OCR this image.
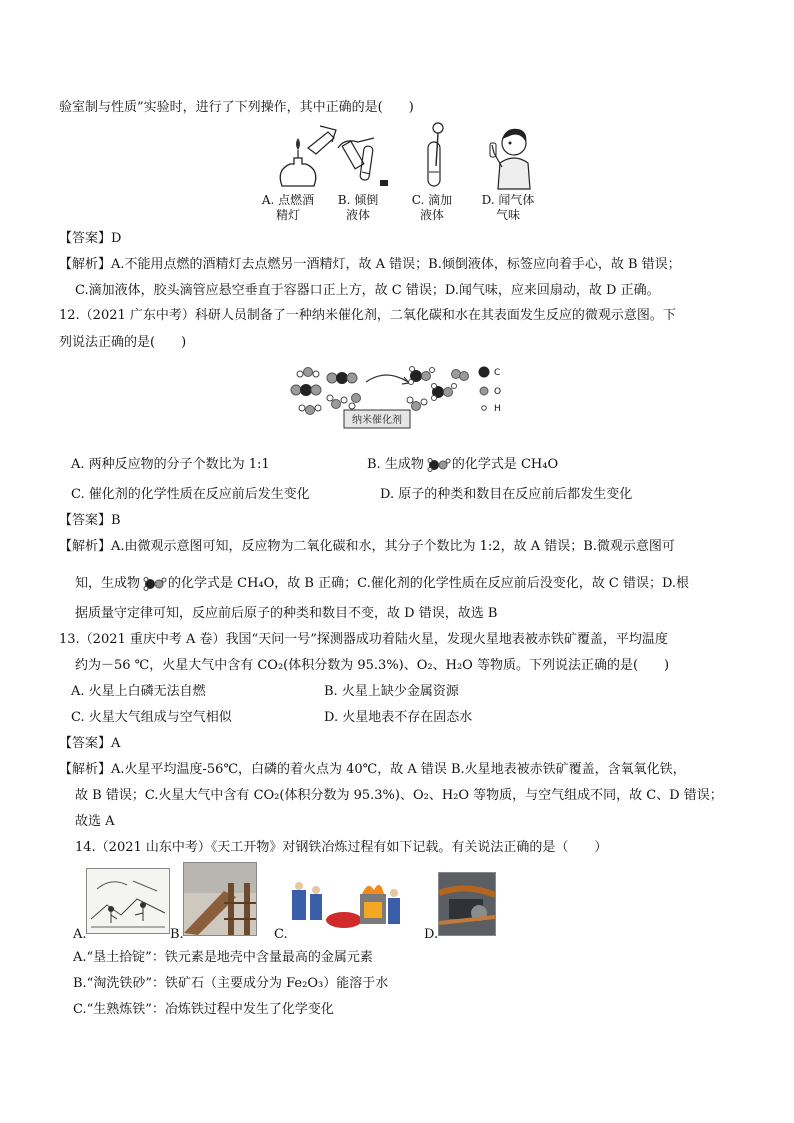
验室制与性质”实验时，进行了下列操作，其中正确的是(　　)
A. 点燃酒
精灯
B. 倾倒
液体
C. 滴加
液体
D. 闻气体
气味
【答案】D
【解析】A.不能用点燃的酒精灯去点燃另一酒精灯，故 A 错误；B.倾倒液体，标签应向着手心，故 B 错误；
C.滴加液体，胶头滴管应悬空垂直于容器口正上方，故 C 错误；D.闻气味，应来回扇动，故 D 正确。
12.（2021 广东中考）科研人员制备了一种纳米催化剂，二氧化碳和水在其表面发生反应的微观示意图。下
列说法正确的是(　　)
纳米催化剂
C
O
H
A. 两种反应物的分子个数比为 1:1	B. 生成物 的化学式是 CH₄O
C. 催化剂的化学性质在反应前后发生变化	D. 原子的种类和数目在反应前后都发生变化
【答案】B
【解析】A.由微观示意图可知，反应物为二氧化碳和水，其分子个数比为 1:2，故 A 错误；B.微观示意图可
知，生成物 的化学式是 CH₄O，故 B 正确；C.催化剂的化学性质在反应前后没变化，故 C 错误；D.根
据质量守定律可知，反应前后原子的种类和数目不变，故 D 错误，故选 B
13.（2021 重庆中考 A 卷）我国“天问一号”探测器成功着陆火星，发现火星地表被赤铁矿覆盖，平均温度
约为－56 ℃，火星大气中含有 CO₂(体积分数为 95.3%)、O₂、H₂O 等物质。下列说法正确的是(　　)
A. 火星上白磷无法自燃	B. 火星上缺少金属资源
C. 火星大气组成与空气相似	D. 火星地表不存在固态水
【答案】A
【解析】A.火星平均温度-56℃，白磷的着火点为 40℃，故 A 错误 B.火星地表被赤铁矿覆盖，含氧氧化铁，
故 B 错误；C.火星大气中含有 CO₂(体积分数为 95.3%)、O₂、H₂O 等物质，与空气组成不同，故 C、D 错误；
故选 A
14.（2021 山东中考）《天工开物》对钢铁冶炼过程有如下记载。有关说法正确的是（　　）
A.	B.	C.	D.
A.“垦土拾锭”：铁元素是地壳中含量最高的金属元素
B.“淘洗铁砂”：铁矿石（主要成分为 Fe₂O₃）能溶于水
C.“生熟炼铁”：冶炼铁过程中发生了化学变化
